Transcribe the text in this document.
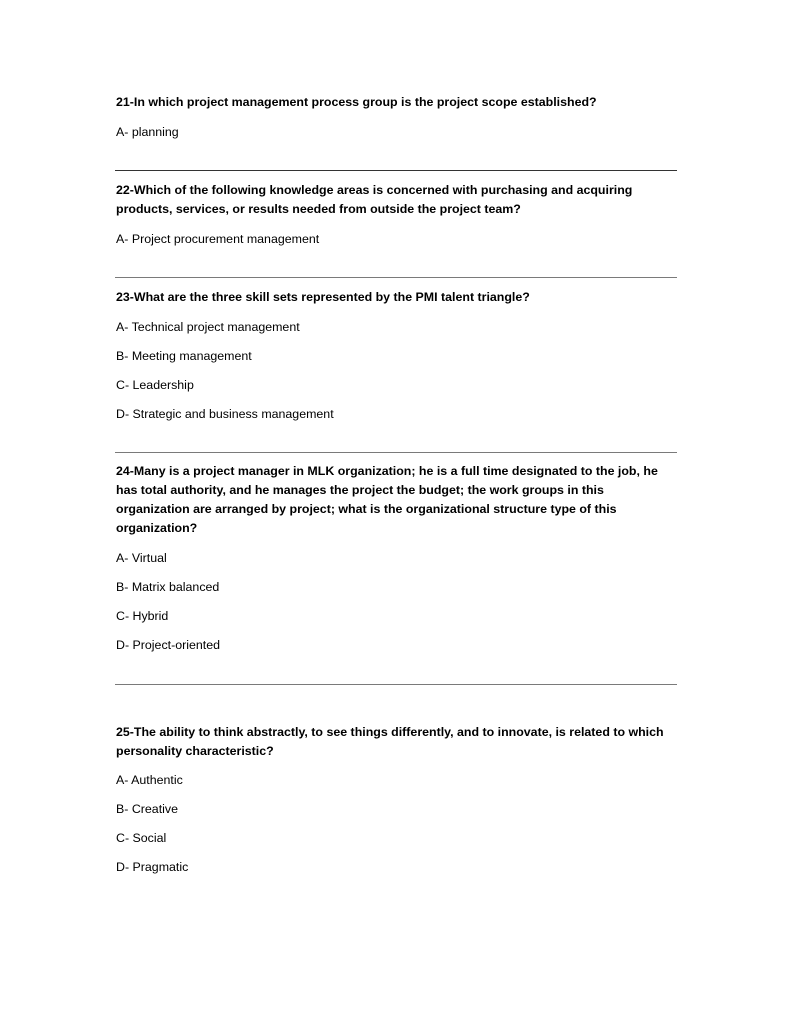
21-In which project management process group is the project scope established?

A- planning

22-Which of the following knowledge areas is concerned with purchasing and acquiring products, services, or results needed from outside the project team?

A- Project procurement management

23-What are the three skill sets represented by the PMI talent triangle?

A- Technical project management

B- Meeting management

C- Leadership

D- Strategic and business management

24-Many is a project manager in MLK organization; he is a full time designated to the job, he has total authority, and he manages the project the budget; the work groups in this organization are arranged by project; what is the organizational structure type of this organization?

A- Virtual

B- Matrix balanced

C- Hybrid

D- Project-oriented

25-The ability to think abstractly, to see things differently, and to innovate, is related to which personality characteristic?

A- Authentic

B- Creative

C- Social

D- Pragmatic
